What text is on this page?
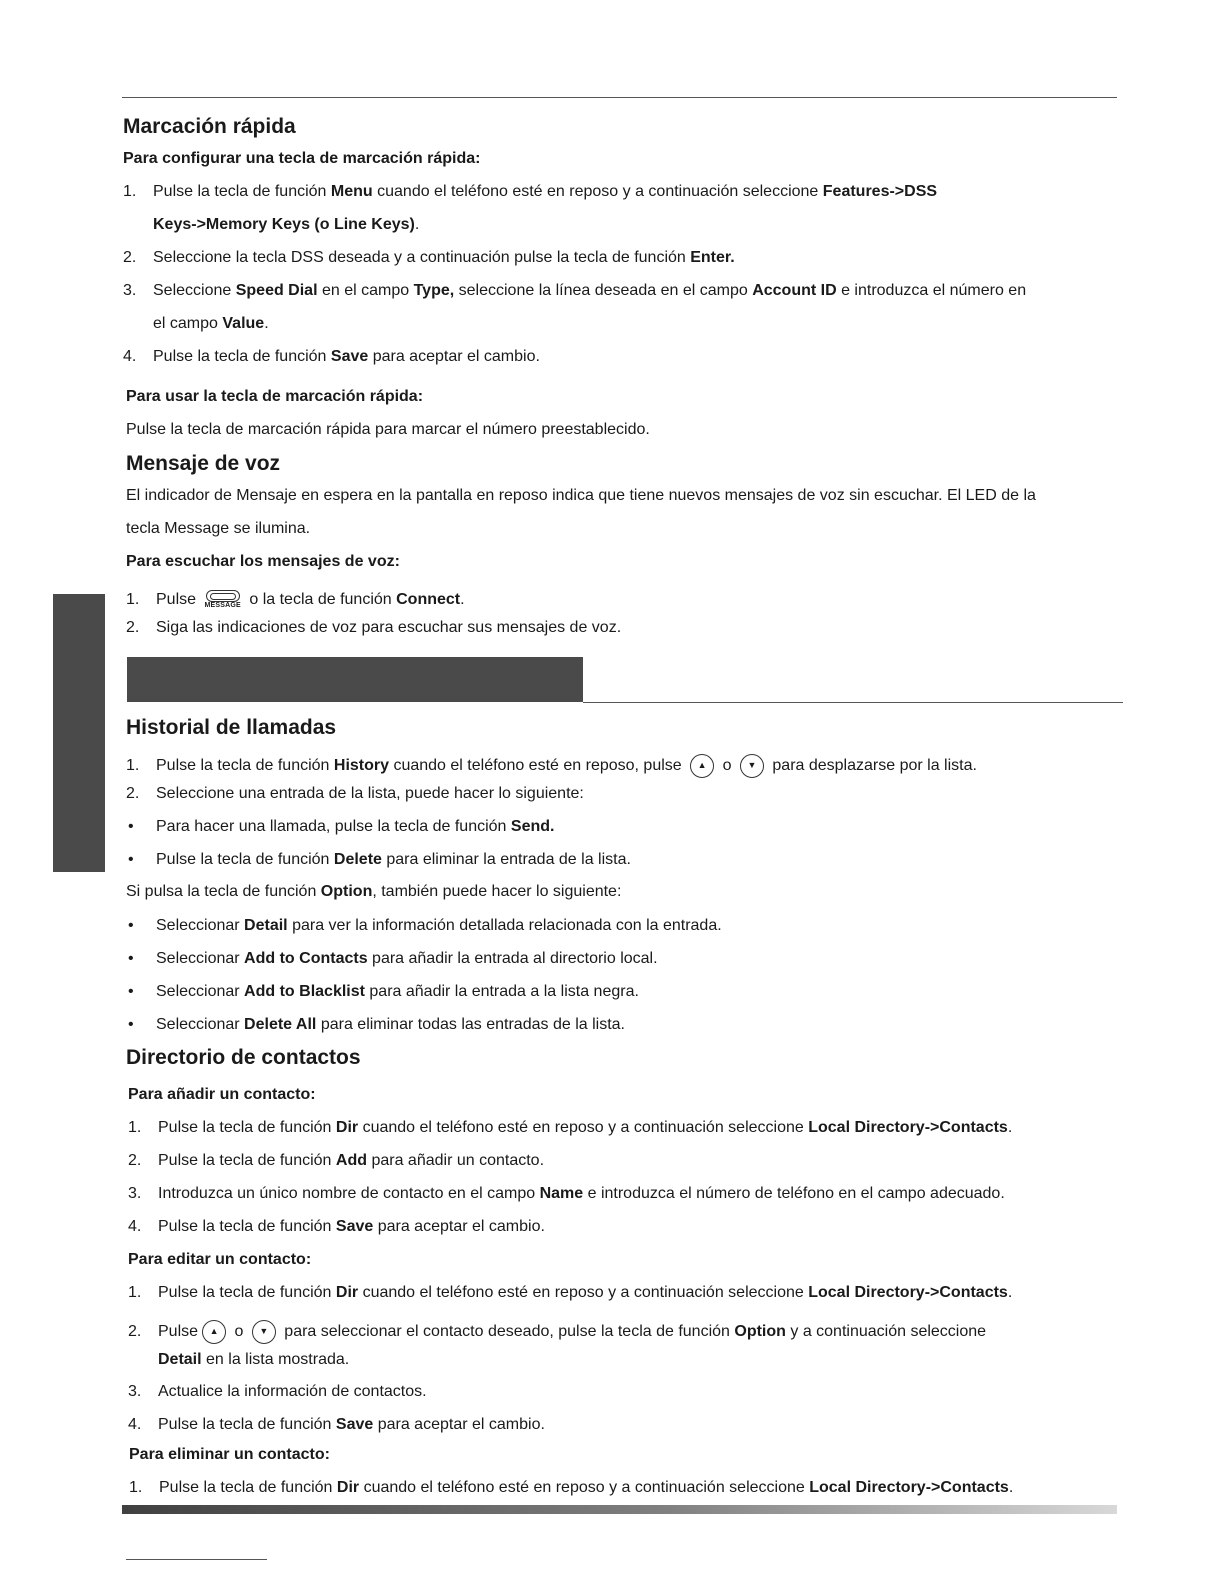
Marcación rápida
Para configurar una tecla de marcación rápida:
1. Pulse la tecla de función Menu cuando el teléfono esté en reposo y a continuación seleccione Features->DSS
Keys->Memory Keys (o Line Keys).
2. Seleccione la tecla DSS deseada y a continuación pulse la tecla de función Enter.
3. Seleccione Speed Dial en el campo Type, seleccione la línea deseada en el campo Account ID e introduzca el número en
el campo Value.
4. Pulse la tecla de función Save para aceptar el cambio.
Para usar la tecla de marcación rápida:
Pulse la tecla de marcación rápida para marcar el número preestablecido.
Mensaje de voz
El indicador de Mensaje en espera en la pantalla en reposo indica que tiene nuevos mensajes de voz sin escuchar. El LED de la
tecla Message se ilumina.
Para escuchar los mensajes de voz:
1. Pulse MESSAGE o la tecla de función Connect.
2. Siga las indicaciones de voz para escuchar sus mensajes de voz.
Historial de llamadas
1. Pulse la tecla de función History cuando el teléfono esté en reposo, pulse ▲ o ▼ para desplazarse por la lista.
2. Seleccione una entrada de la lista, puede hacer lo siguiente:
• Para hacer una llamada, pulse la tecla de función Send.
• Pulse la tecla de función Delete para eliminar la entrada de la lista.
Si pulsa la tecla de función Option, también puede hacer lo siguiente:
• Seleccionar Detail para ver la información detallada relacionada con la entrada.
• Seleccionar Add to Contacts para añadir la entrada al directorio local.
• Seleccionar Add to Blacklist para añadir la entrada a la lista negra.
• Seleccionar Delete All para eliminar todas las entradas de la lista.
Directorio de contactos
Para añadir un contacto:
1. Pulse la tecla de función Dir cuando el teléfono esté en reposo y a continuación seleccione Local Directory->Contacts.
2. Pulse la tecla de función Add para añadir un contacto.
3. Introduzca un único nombre de contacto en el campo Name e introduzca el número de teléfono en el campo adecuado.
4. Pulse la tecla de función Save para aceptar el cambio.
Para editar un contacto:
1. Pulse la tecla de función Dir cuando el teléfono esté en reposo y a continuación seleccione Local Directory->Contacts.
2. Pulse ▲ o ▼ para seleccionar el contacto deseado, pulse la tecla de función Option y a continuación seleccione
Detail en la lista mostrada.
3. Actualice la información de contactos.
4. Pulse la tecla de función Save para aceptar el cambio.
Para eliminar un contacto:
1. Pulse la tecla de función Dir cuando el teléfono esté en reposo y a continuación seleccione Local Directory->Contacts.
